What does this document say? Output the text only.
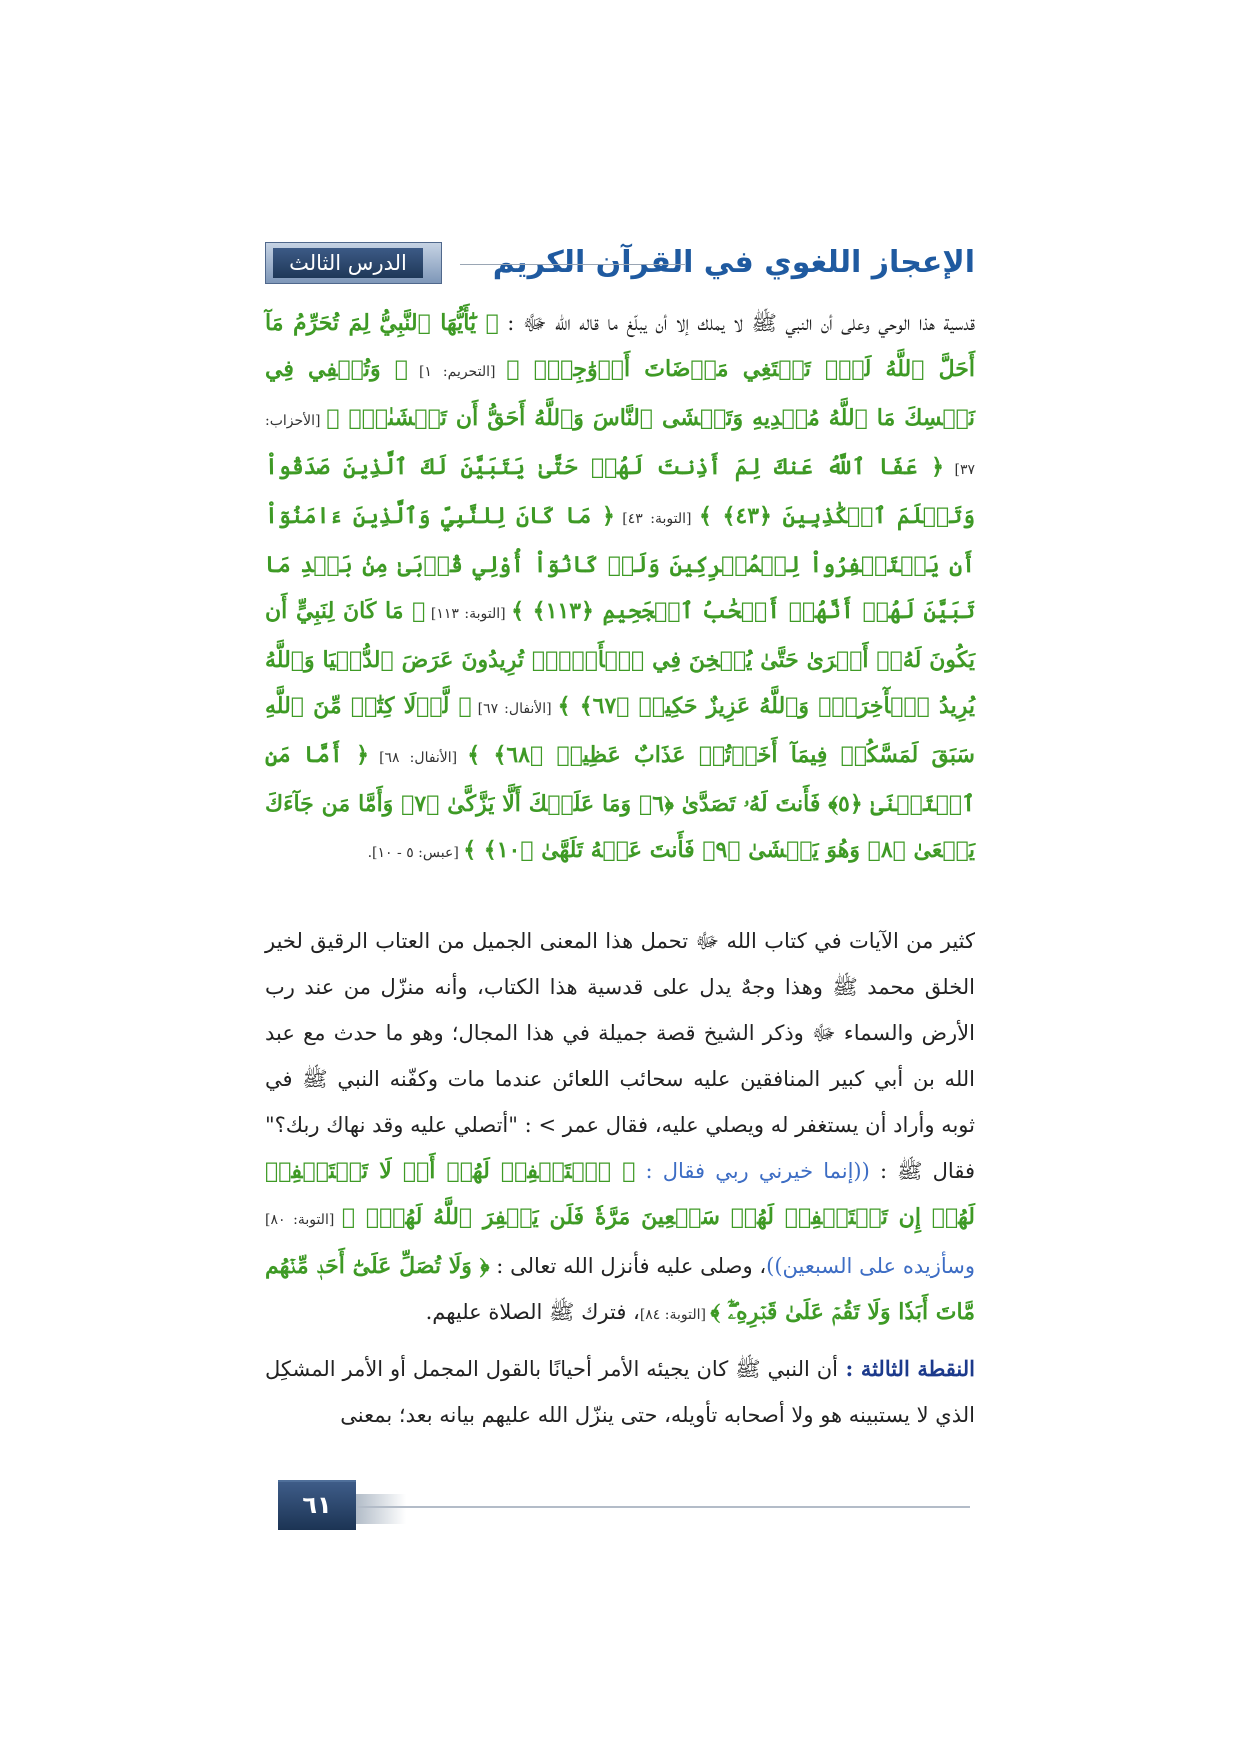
الإعجاز اللغوي في القرآن الكريم
الدرس الثالث

قدسية هذا الوحي وعلى أن النبي ﷺ لا يملك إلا أن يبلّغ ما قاله الله ﷻ : ﴿ يَٰٓأَيُّهَا ٱلنَّبِيُّ لِمَ تُحَرِّمُ مَآ أَحَلَّ ٱللَّهُ لَكَۖ تَبۡتَغِي مَرۡضَاتَ أَزۡوَٰجِكَۚ ﴾ [التحريم: ١] ﴿ وَتُخۡفِي فِي نَفۡسِكَ مَا ٱللَّهُ مُبۡدِيهِ وَتَخۡشَى ٱلنَّاسَ وَٱللَّهُ أَحَقُّ أَن تَخۡشَىٰهُۖ ﴾ [الأحزاب: ٣٧] ﴿ عَفَا ٱللَّهُ عَنكَ لِمَ أَذِنتَ لَهُمۡ حَتَّىٰ يَتَبَيَّنَ لَكَ ٱلَّذِينَ صَدَقُواْ وَتَعۡلَمَ ٱلۡكَٰذِبِينَ ﴿٤٣﴾ ﴾ [التوبة: ٤٣] ﴿ مَا كَانَ لِلنَّبِيِّ وَٱلَّذِينَ ءَامَنُوٓاْ أَن يَسۡتَغۡفِرُواْ لِلۡمُشۡرِكِينَ وَلَوۡ كَانُوٓاْ أُوْلِي قُرۡبَىٰ مِنۢ بَعۡدِ مَا تَبَيَّنَ لَهُمۡ أَنَّهُمۡ أَصۡحَٰبُ ٱلۡجَحِيمِ ﴿١١٣﴾ ﴾ [التوبة: ١١٣] ﴿ مَا كَانَ لِنَبِيٍّ أَن يَكُونَ لَهُۥٓ أَسۡرَىٰ حَتَّىٰ يُثۡخِنَ فِي ٱلۡأَرۡضِۚ تُرِيدُونَ عَرَضَ ٱلدُّنۡيَا وَٱللَّهُ يُرِيدُ ٱلۡأٓخِرَةَۗ وَٱللَّهُ عَزِيزٌ حَكِيمٞ ﴿٦٧﴾ ﴾ [الأنفال: ٦٧] ﴿ لَّوۡلَا كِتَٰبٞ مِّنَ ٱللَّهِ سَبَقَ لَمَسَّكُمۡ فِيمَآ أَخَذۡتُمۡ عَذَابٌ عَظِيمٞ ﴿٦٨﴾ ﴾ [الأنفال: ٦٨] ﴿ أَمَّا مَنِ ٱسۡتَغۡنَىٰ ﴿٥﴾ فَأَنتَ لَهُۥ تَصَدَّىٰ ﴿٦﴾ وَمَا عَلَيۡكَ أَلَّا يَزَّكَّىٰ ﴿٧﴾ وَأَمَّا مَن جَآءَكَ يَسۡعَىٰ ﴿٨﴾ وَهُوَ يَخۡشَىٰ ﴿٩﴾ فَأَنتَ عَنۡهُ تَلَهَّىٰ ﴿١٠﴾ ﴾ [عبس: ٥ - ١٠].

كثير من الآيات في كتاب الله ﷻ تحمل هذا المعنى الجميل من العتاب الرقيق لخير الخلق محمد ﷺ وهذا وجهٌ يدل على قدسية هذا الكتاب، وأنه منزّل من عند رب الأرض والسماء ﷻ وذكر الشيخ قصة جميلة في هذا المجال؛ وهو ما حدث مع عبد الله بن أبي كبير المنافقين عليه سحائب اللعائن عندما مات وكفّنه النبي ﷺ في ثوبه وأراد أن يستغفر له ويصلي عليه، فقال عمر > : "أتصلي عليه وقد نهاك ربك؟" فقال ﷺ : ((إنما خيرني ربي فقال : ﴿ ٱسۡتَغۡفِرۡ لَهُمۡ أَوۡ لَا تَسۡتَغۡفِرۡ لَهُمۡ إِن تَسۡتَغۡفِرۡ لَهُمۡ سَبۡعِينَ مَرَّةٗ فَلَن يَغۡفِرَ ٱللَّهُ لَهُمۡۚ ﴾ [التوبة: ٨٠] وسأزيده على السبعين))، وصلى عليه فأنزل الله تعالى : ﴿ وَلَا تُصَلِّ عَلَىٰٓ أَحَدٖ مِّنۡهُم مَّاتَ أَبَدٗا وَلَا تَقُمۡ عَلَىٰ قَبۡرِهِۦٓۖ ﴾ [التوبة: ٨٤]، فترك ﷺ الصلاة عليهم.

النقطة الثالثة : أن النبي ﷺ كان يجيئه الأمر أحيانًا بالقول المجمل أو الأمر المشكِل الذي لا يستبينه هو ولا أصحابه تأويله، حتى ينزّل الله عليهم بيانه بعد؛ بمعنى

٦١
